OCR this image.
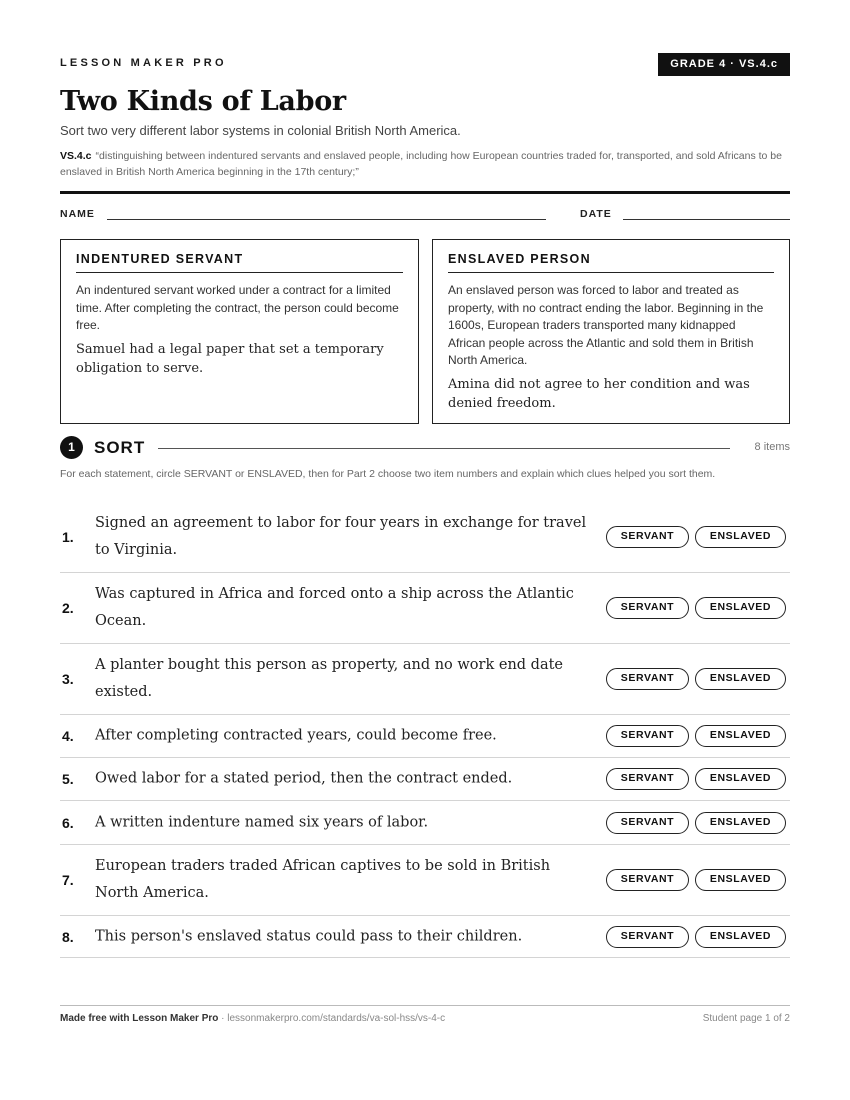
LESSON MAKER PRO	GRADE 4 · VS.4.c
Two Kinds of Labor
Sort two very different labor systems in colonial British North America.
VS.4.c “distinguishing between indentured servants and enslaved people, including how European countries traded for, transported, and sold Africans to be enslaved in British North America beginning in the 17th century;”
NAME	DATE
INDENTURED SERVANT

An indentured servant worked under a contract for a limited time. After completing the contract, the person could become free.

Samuel had a legal paper that set a temporary obligation to serve.

ENSLAVED PERSON

An enslaved person was forced to labor and treated as property, with no contract ending the labor. Beginning in the 1600s, European traders transported many kidnapped African people across the Atlantic and sold them in British North America.

Amina did not agree to her condition and was denied freedom.

1	SORT	8 items

For each statement, circle SERVANT or ENSLAVED, then for Part 2 choose two item numbers and explain which clues helped you sort them.

1.
Signed an agreement to labor for four years in exchange for travel to Virginia.
SERVANT	ENSLAVED
2.
Was captured in Africa and forced onto a ship across the Atlantic Ocean.
SERVANT	ENSLAVED
3.
A planter bought this person as property, and no work end date existed.
SERVANT	ENSLAVED
4. After completing contracted years, could become free.	SERVANT	ENSLAVED
5. Owed labor for a stated period, then the contract ended.	SERVANT	ENSLAVED
6. A written indenture named six years of labor.	SERVANT	ENSLAVED
7.
European traders traded African captives to be sold in British North America.
SERVANT	ENSLAVED
8. This person's enslaved status could pass to their children.	SERVANT	ENSLAVED
Made free with Lesson Maker Pro · lessonmakerpro.com/standards/va-sol-hss/vs-4-c	Student page 1 of 2
